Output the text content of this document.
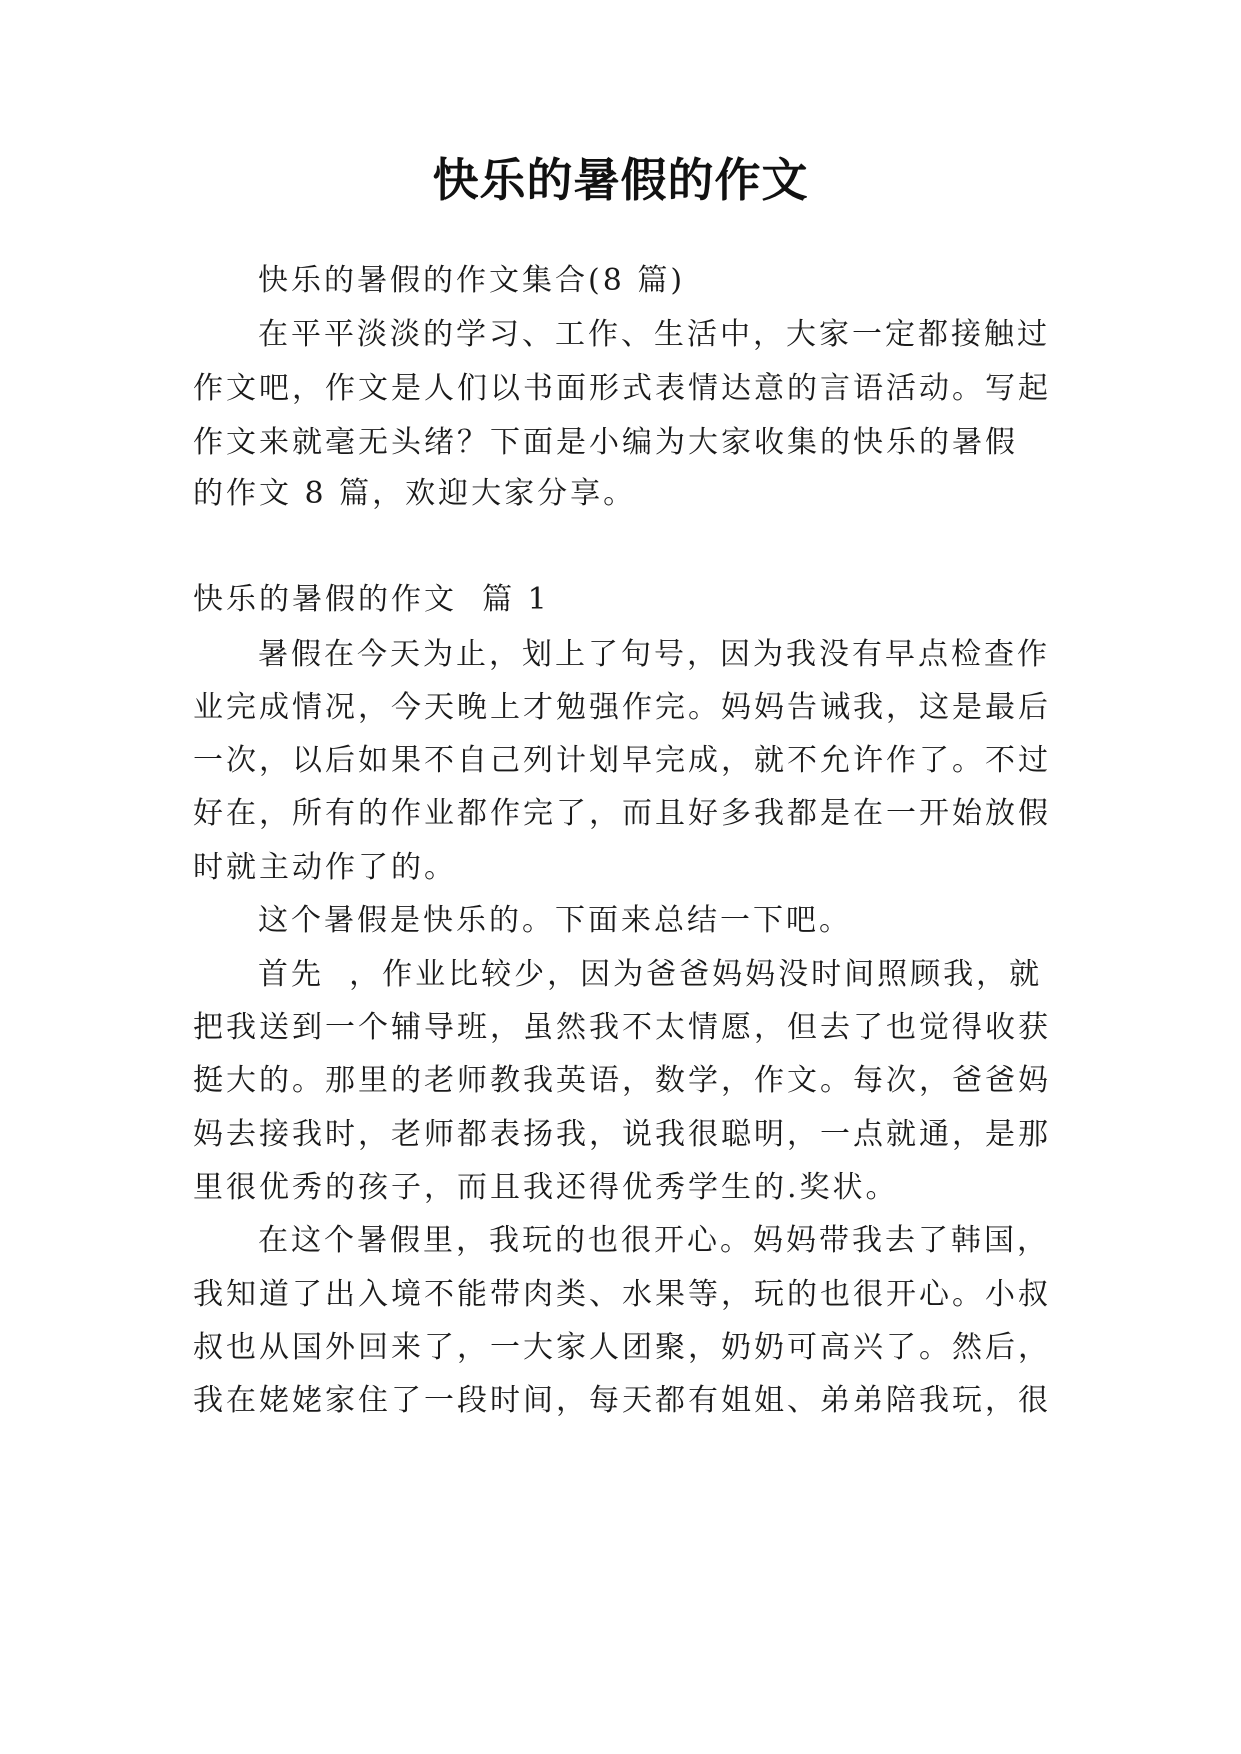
快乐的暑假的作文
快乐的暑假的作文集合(8 篇)
在平平淡淡的学习、工作、生活中，大家一定都接触过
作文吧，作文是人们以书面形式表情达意的言语活动。写起
作文来就毫无头绪？下面是小编为大家收集的快乐的暑假
的作文 8 篇，欢迎大家分享。
快乐的暑假的作文  篇 1
暑假在今天为止，划上了句号，因为我没有早点检查作
业完成情况，今天晚上才勉强作完。妈妈告诫我，这是最后
一次，以后如果不自己列计划早完成，就不允许作了。不过
好在，所有的作业都作完了，而且好多我都是在一开始放假
时就主动作了的。
这个暑假是快乐的。下面来总结一下吧。
首先  ，作业比较少，因为爸爸妈妈没时间照顾我，就
把我送到一个辅导班，虽然我不太情愿，但去了也觉得收获
挺大的。那里的老师教我英语，数学，作文。每次，爸爸妈
妈去接我时，老师都表扬我，说我很聪明，一点就通，是那
里很优秀的孩子，而且我还得优秀学生的.奖状。
在这个暑假里，我玩的也很开心。妈妈带我去了韩国，
我知道了出入境不能带肉类、水果等，玩的也很开心。小叔
叔也从国外回来了，一大家人团聚，奶奶可高兴了。然后，
我在姥姥家住了一段时间，每天都有姐姐、弟弟陪我玩，很
